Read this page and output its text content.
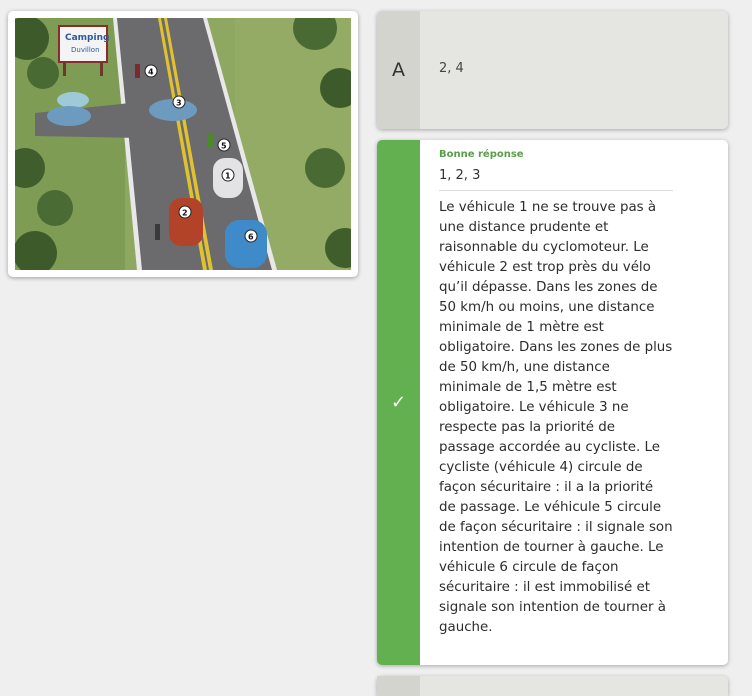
Camping
Duvillon
4
3
5
1
2
6
A	2, 4
✓
Bonne réponse
1, 2, 3
Le véhicule 1 ne se trouve pas à une distance prudente et raisonnable du cyclomoteur. Le véhicule 2 est trop près du vélo qu’il dépasse. Dans les zones de 50 km/h ou moins, une distance minimale de 1 mètre est obligatoire. Dans les zones de plus de 50 km/h, une distance minimale de 1,5 mètre est obligatoire. Le véhicule 3 ne respecte pas la priorité de passage accordée au cycliste. Le cycliste (véhicule 4) circule de façon sécuritaire : il a la priorité de passage. Le véhicule 5 circule de façon sécuritaire : il signale son intention de tourner à gauche. Le véhicule 6 circule de façon sécuritaire : il est immobilisé et signale son intention de tourner à gauche.
